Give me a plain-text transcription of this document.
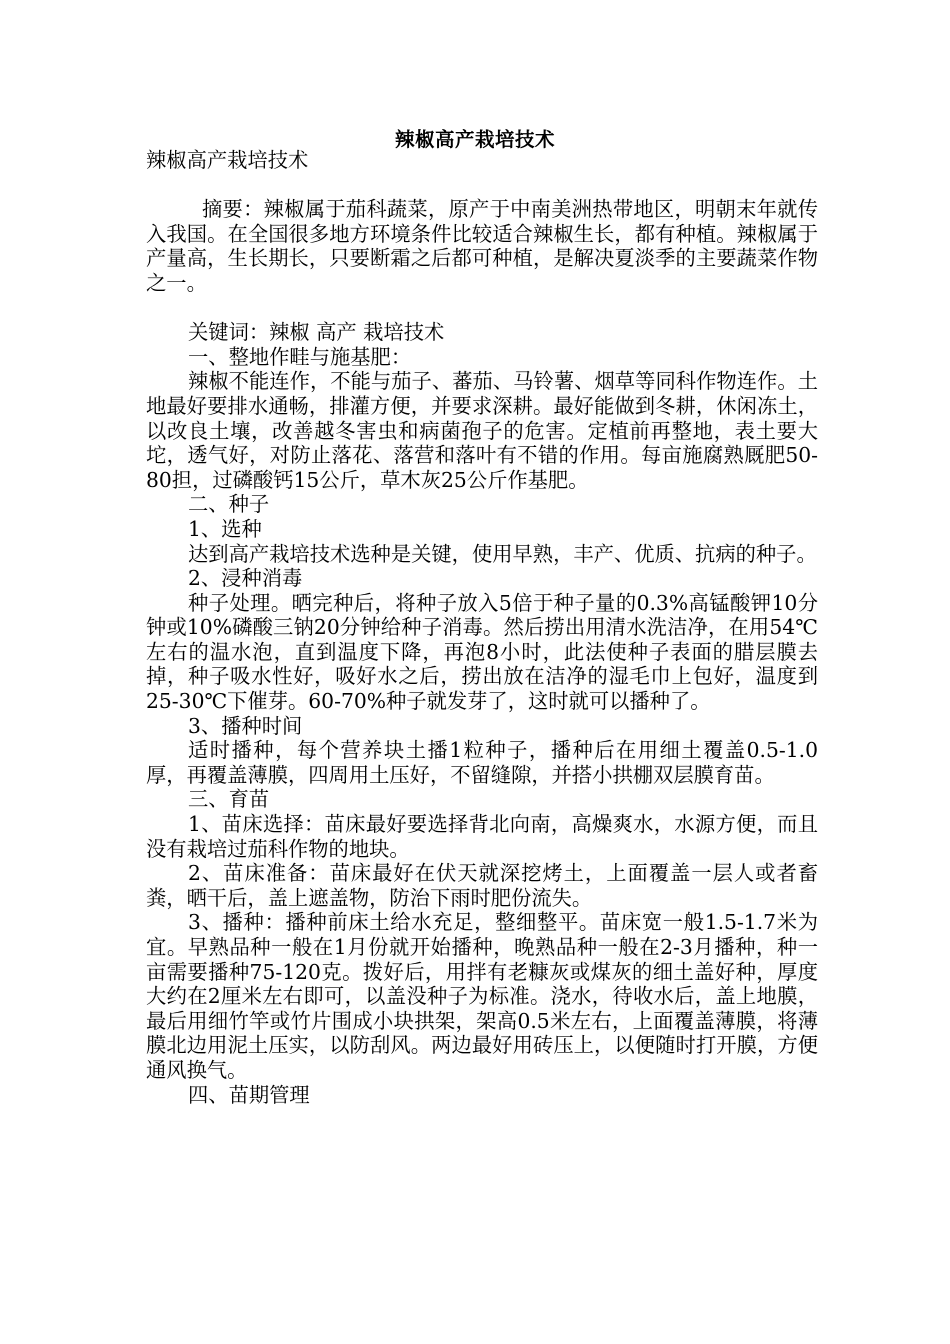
辣椒高产栽培技术

辣椒高产栽培技术

摘要：辣椒属于茄科蔬菜，原产于中南美洲热带地区，明朝末年就传入我国。在全国很多地方环境条件比较适合辣椒生长，都有种植。辣椒属于产量高，生长期长，只要断霜之后都可种植，是解决夏淡季的主要蔬菜作物之一。

关键词：辣椒 高产 栽培技术

一、整地作畦与施基肥：

辣椒不能连作，不能与茄子、蕃茄、马铃薯、烟草等同科作物连作。土地最好要排水通畅，排灌方便，并要求深耕。最好能做到冬耕，休闲冻土，以改良土壤，改善越冬害虫和病菌孢子的危害。定植前再整地，表土要大坨，透气好，对防止落花、落营和落叶有不错的作用。每亩施腐熟厩肥50-80担，过磷酸钙15公斤，草木灰25公斤作基肥。

二、种子

1、选种

达到高产栽培技术选种是关键，使用早熟，丰产、优质、抗病的种子。

2、浸种消毒

种子处理。晒完种后，将种子放入5倍于种子量的0.3%高锰酸钾10分钟或10%磷酸三钠20分钟给种子消毒。然后捞出用清水洗洁净，在用54℃左右的温水泡，直到温度下降，再泡8小时，此法使种子表面的腊层膜去掉，种子吸水性好，吸好水之后，捞出放在洁净的湿毛巾上包好，温度到25-30℃下催芽。60-70%种子就发芽了，这时就可以播种了。

3、播种时间

适时播种，每个营养块土播1粒种子，播种后在用细土覆盖0.5-1.0厚，再覆盖薄膜，四周用土压好，不留缝隙，并搭小拱棚双层膜育苗。

三、育苗

1、苗床选择：苗床最好要选择背北向南，高燥爽水，水源方便，而且没有栽培过茄科作物的地块。

2、苗床准备：苗床最好在伏天就深挖烤土，上面覆盖一层人或者畜粪，晒干后，盖上遮盖物，防治下雨时肥份流失。

3、播种：播种前床土给水充足，整细整平。苗床宽一般1.5-1.7米为宜。早熟品种一般在1月份就开始播种，晚熟品种一般在2-3月播种，种一亩需要播种75-120克。拨好后，用拌有老糠灰或煤灰的细土盖好种，厚度大约在2厘米左右即可，以盖没种子为标准。浇水，待收水后，盖上地膜，最后用细竹竿或竹片围成小块拱架，架高0.5米左右，上面覆盖薄膜，将薄膜北边用泥土压实，以防刮风。两边最好用砖压上，以便随时打开膜，方便通风换气。

四、苗期管理
